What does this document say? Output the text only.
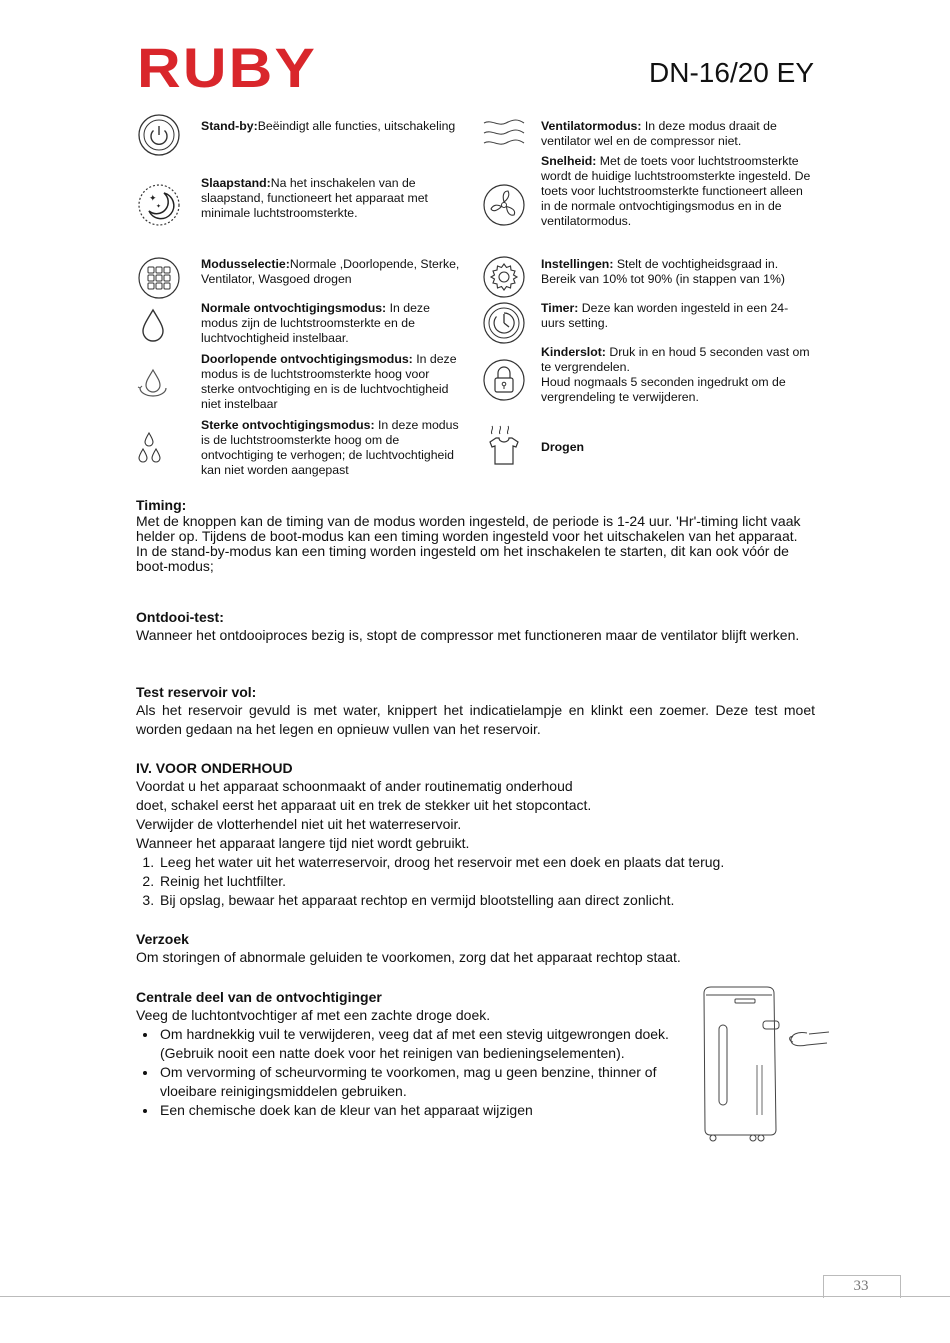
RUBY	DN-16/20 EY
✦
✦
Stand-by:Beëindigt alle functies, uitschakeling
Slaapstand:Na het inschakelen van de slaapstand, functioneert het apparaat met minimale luchtstroomsterkte.
Modusselectie:Normale ,Doorlopende, Sterke, Ventilator, Wasgoed drogen
Normale ontvochtigingsmodus: In deze modus zijn de luchtstroomsterkte en de luchtvochtigheid instelbaar.
Doorlopende ontvochtigingsmodus: In deze modus is de luchtstroomsterkte hoog voor sterke ontvochtiging en is de luchtvochtigheid niet instelbaar
Sterke ontvochtigingsmodus: In deze modus is de luchtstroomsterkte hoog om de ontvochtiging te verhogen; de luchtvochtigheid kan niet worden aangepast
Ventilatormodus: In deze modus draait de ventilator wel en de compressor niet.
Snelheid: Met de toets voor luchtstroomsterkte wordt de huidige luchtstroomsterkte ingesteld. De toets voor luchtstroomsterkte functioneert alleen in de normale ontvochtigingsmodus en in de ventilatormodus.
Instellingen: Stelt de vochtigheidsgraad in. Bereik van 10% tot 90% (in stappen van 1%)
Timer: Deze kan worden ingesteld in een 24-uurs setting.
Kinderslot: Druk in en houd 5 seconden vast om te vergrendelen.
Houd nogmaals 5 seconden ingedrukt om de vergrendeling te verwijderen.
Drogen
Timing:

Met de knoppen kan de timing van de modus worden ingesteld, de periode is 1-24 uur. 'Hr'-timing licht vaak helder op. Tijdens de boot-modus kan een timing worden ingesteld voor het uitschakelen van het apparaat.

In de stand-by-modus kan een timing worden ingesteld om het inschakelen te starten, dit kan ook vóór de boot-modus;

Ontdooi-test:

Wanneer het ontdooiproces bezig is, stopt de compressor met functioneren maar de ventilator blijft werken.

Test reservoir vol:

Als het reservoir gevuld is met water, knippert het indicatielampje en klinkt een zoemer. Deze test moet worden gedaan na het legen en opnieuw vullen van het reservoir.

IV. VOOR ONDERHOUD

Voordat u het apparaat schoonmaakt of ander routinematig onderhoud

doet, schakel eerst het apparaat uit en trek de stekker uit het stopcontact.

Verwijder de vlotterhendel niet uit het waterreservoir.

Wanneer het apparaat langere tijd niet wordt gebruikt.

1. Leeg het water uit het waterreservoir, droog het reservoir met een doek en plaats dat terug.
2. Reinig het luchtfilter.
3. Bij opslag, bewaar het apparaat rechtop en vermijd blootstelling aan direct zonlicht.
Verzoek

Om storingen of abnormale geluiden te voorkomen, zorg dat het apparaat rechtop staat.

Centrale deel van de ontvochtiginger

Veeg de luchtontvochtiger af met een zachte droge doek.

• Om hardnekkig vuil te verwijderen, veeg dat af met een stevig uitgewrongen doek. (Gebruik nooit een natte doek voor het reinigen van bedieningselementen).
• Om vervorming of scheurvorming te voorkomen, mag u geen benzine, thinner of vloeibare reinigingsmiddelen gebruiken.
• Een chemische doek kan de kleur van het apparaat wijzigen
33
